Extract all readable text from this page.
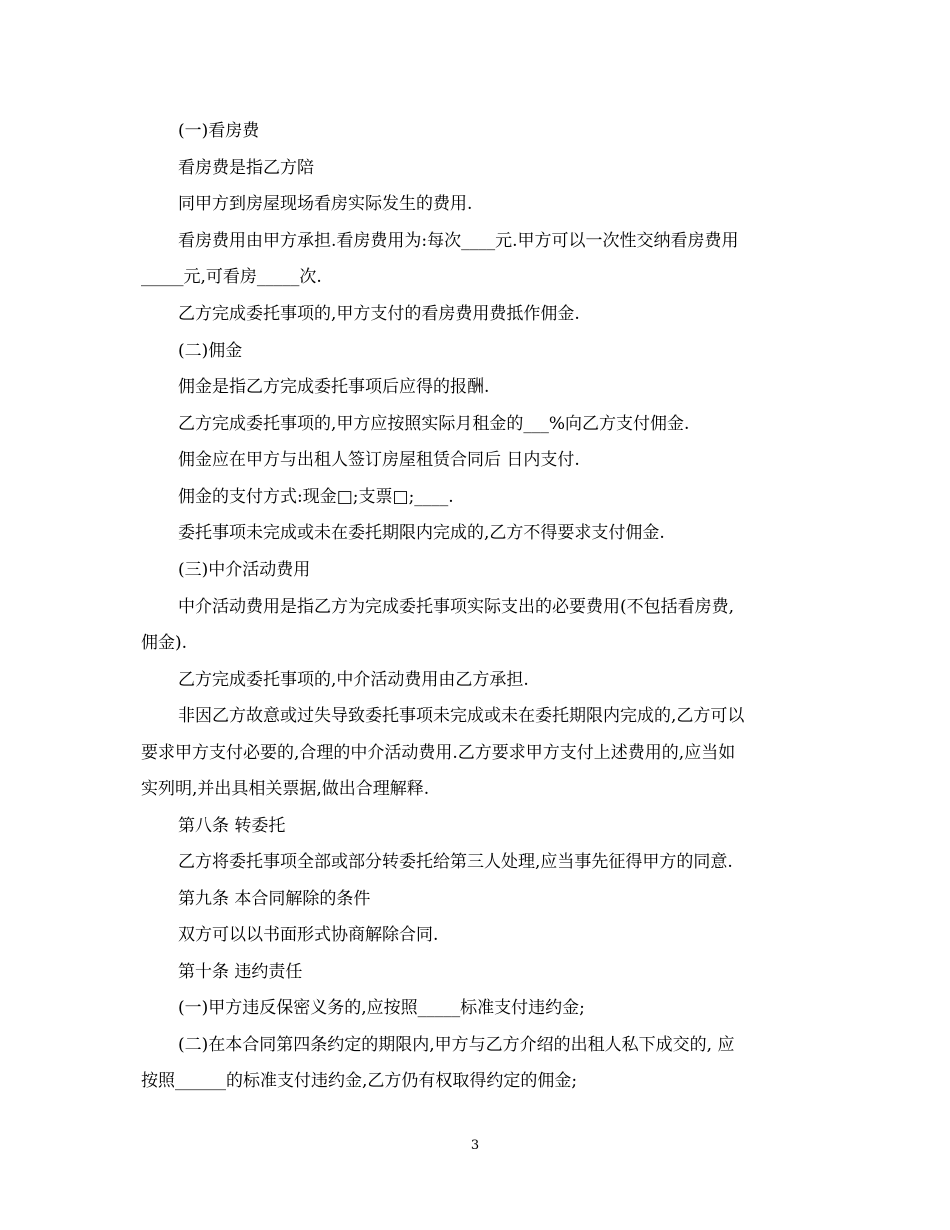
(一)看房费
看房费是指乙方陪
同甲方到房屋现场看房实际发生的费用.
看房费用由甲方承担.看房费用为:每次____元.甲方可以一次性交纳看房费用
_____元,可看房_____次.
乙方完成委托事项的,甲方支付的看房费用费抵作佣金.
(二)佣金
佣金是指乙方完成委托事项后应得的报酬.
乙方完成委托事项的,甲方应按照实际月租金的___%向乙方支付佣金.
佣金应在甲方与出租人签订房屋租赁合同后 日内支付.
佣金的支付方式:现金□;支票□;____.
委托事项未完成或未在委托期限内完成的,乙方不得要求支付佣金.
(三)中介活动费用
中介活动费用是指乙方为完成委托事项实际支出的必要费用(不包括看房费,
佣金).
乙方完成委托事项的,中介活动费用由乙方承担.
非因乙方故意或过失导致委托事项未完成或未在委托期限内完成的,乙方可以
要求甲方支付必要的,合理的中介活动费用.乙方要求甲方支付上述费用的,应当如
实列明,并出具相关票据,做出合理解释.
第八条 转委托
乙方将委托事项全部或部分转委托给第三人处理,应当事先征得甲方的同意.
第九条 本合同解除的条件
双方可以以书面形式协商解除合同.
第十条 违约责任
(一)甲方违反保密义务的,应按照_____标准支付违约金;
(二)在本合同第四条约定的期限内,甲方与乙方介绍的出租人私下成交的, 应
按照______的标准支付违约金,乙方仍有权取得约定的佣金;
3
